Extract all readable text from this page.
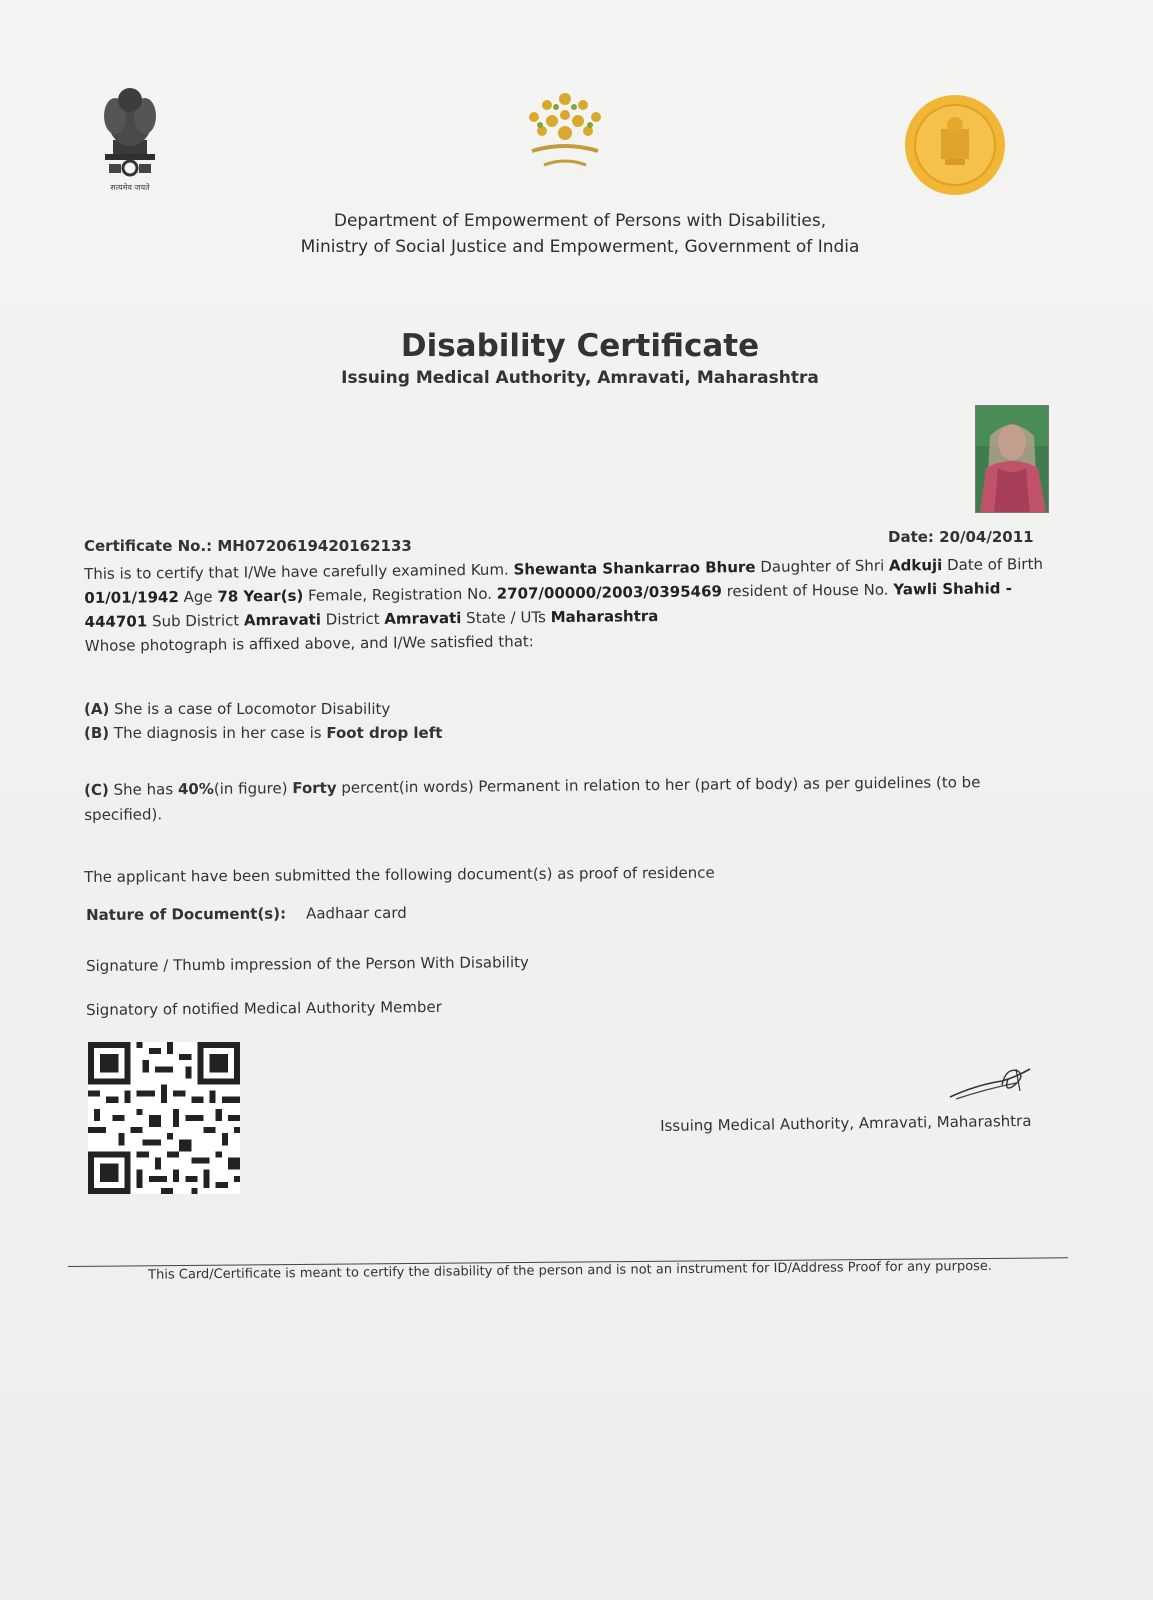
सत्यमेव जयते
Department of Empowerment of Persons with Disabilities,
Ministry of Social Justice and Empowerment, Government of India
Disability Certificate
Issuing Medical Authority, Amravati, Maharashtra
Certificate No.: MH0720619420162133	Date: 20/04/2011
This is to certify that I/We have carefully examined Kum. Shewanta Shankarrao Bhure Daughter of Shri Adkuji Date of Birth 01/01/1942 Age 78 Year(s) Female, Registration No. 2707/00000/2003/0395469 resident of House No. Yawli Shahid - 444701 Sub District Amravati District Amravati State / UTs Maharashtra
Whose photograph is affixed above, and I/We satisfied that:
(A) She is a case of Locomotor Disability
(B) The diagnosis in her case is Foot drop left
(C) She has 40%(in figure) Forty percent(in words) Permanent in relation to her (part of body) as per guidelines (to be specified).
The applicant have been submitted the following document(s) as proof of residence
Nature of Document(s): Aadhaar card
Signature / Thumb impression of the Person With Disability
Signatory of notified Medical Authority Member
Issuing Medical Authority, Amravati, Maharashtra
This Card/Certificate is meant to certify the disability of the person and is not an instrument for ID/Address Proof for any purpose.
